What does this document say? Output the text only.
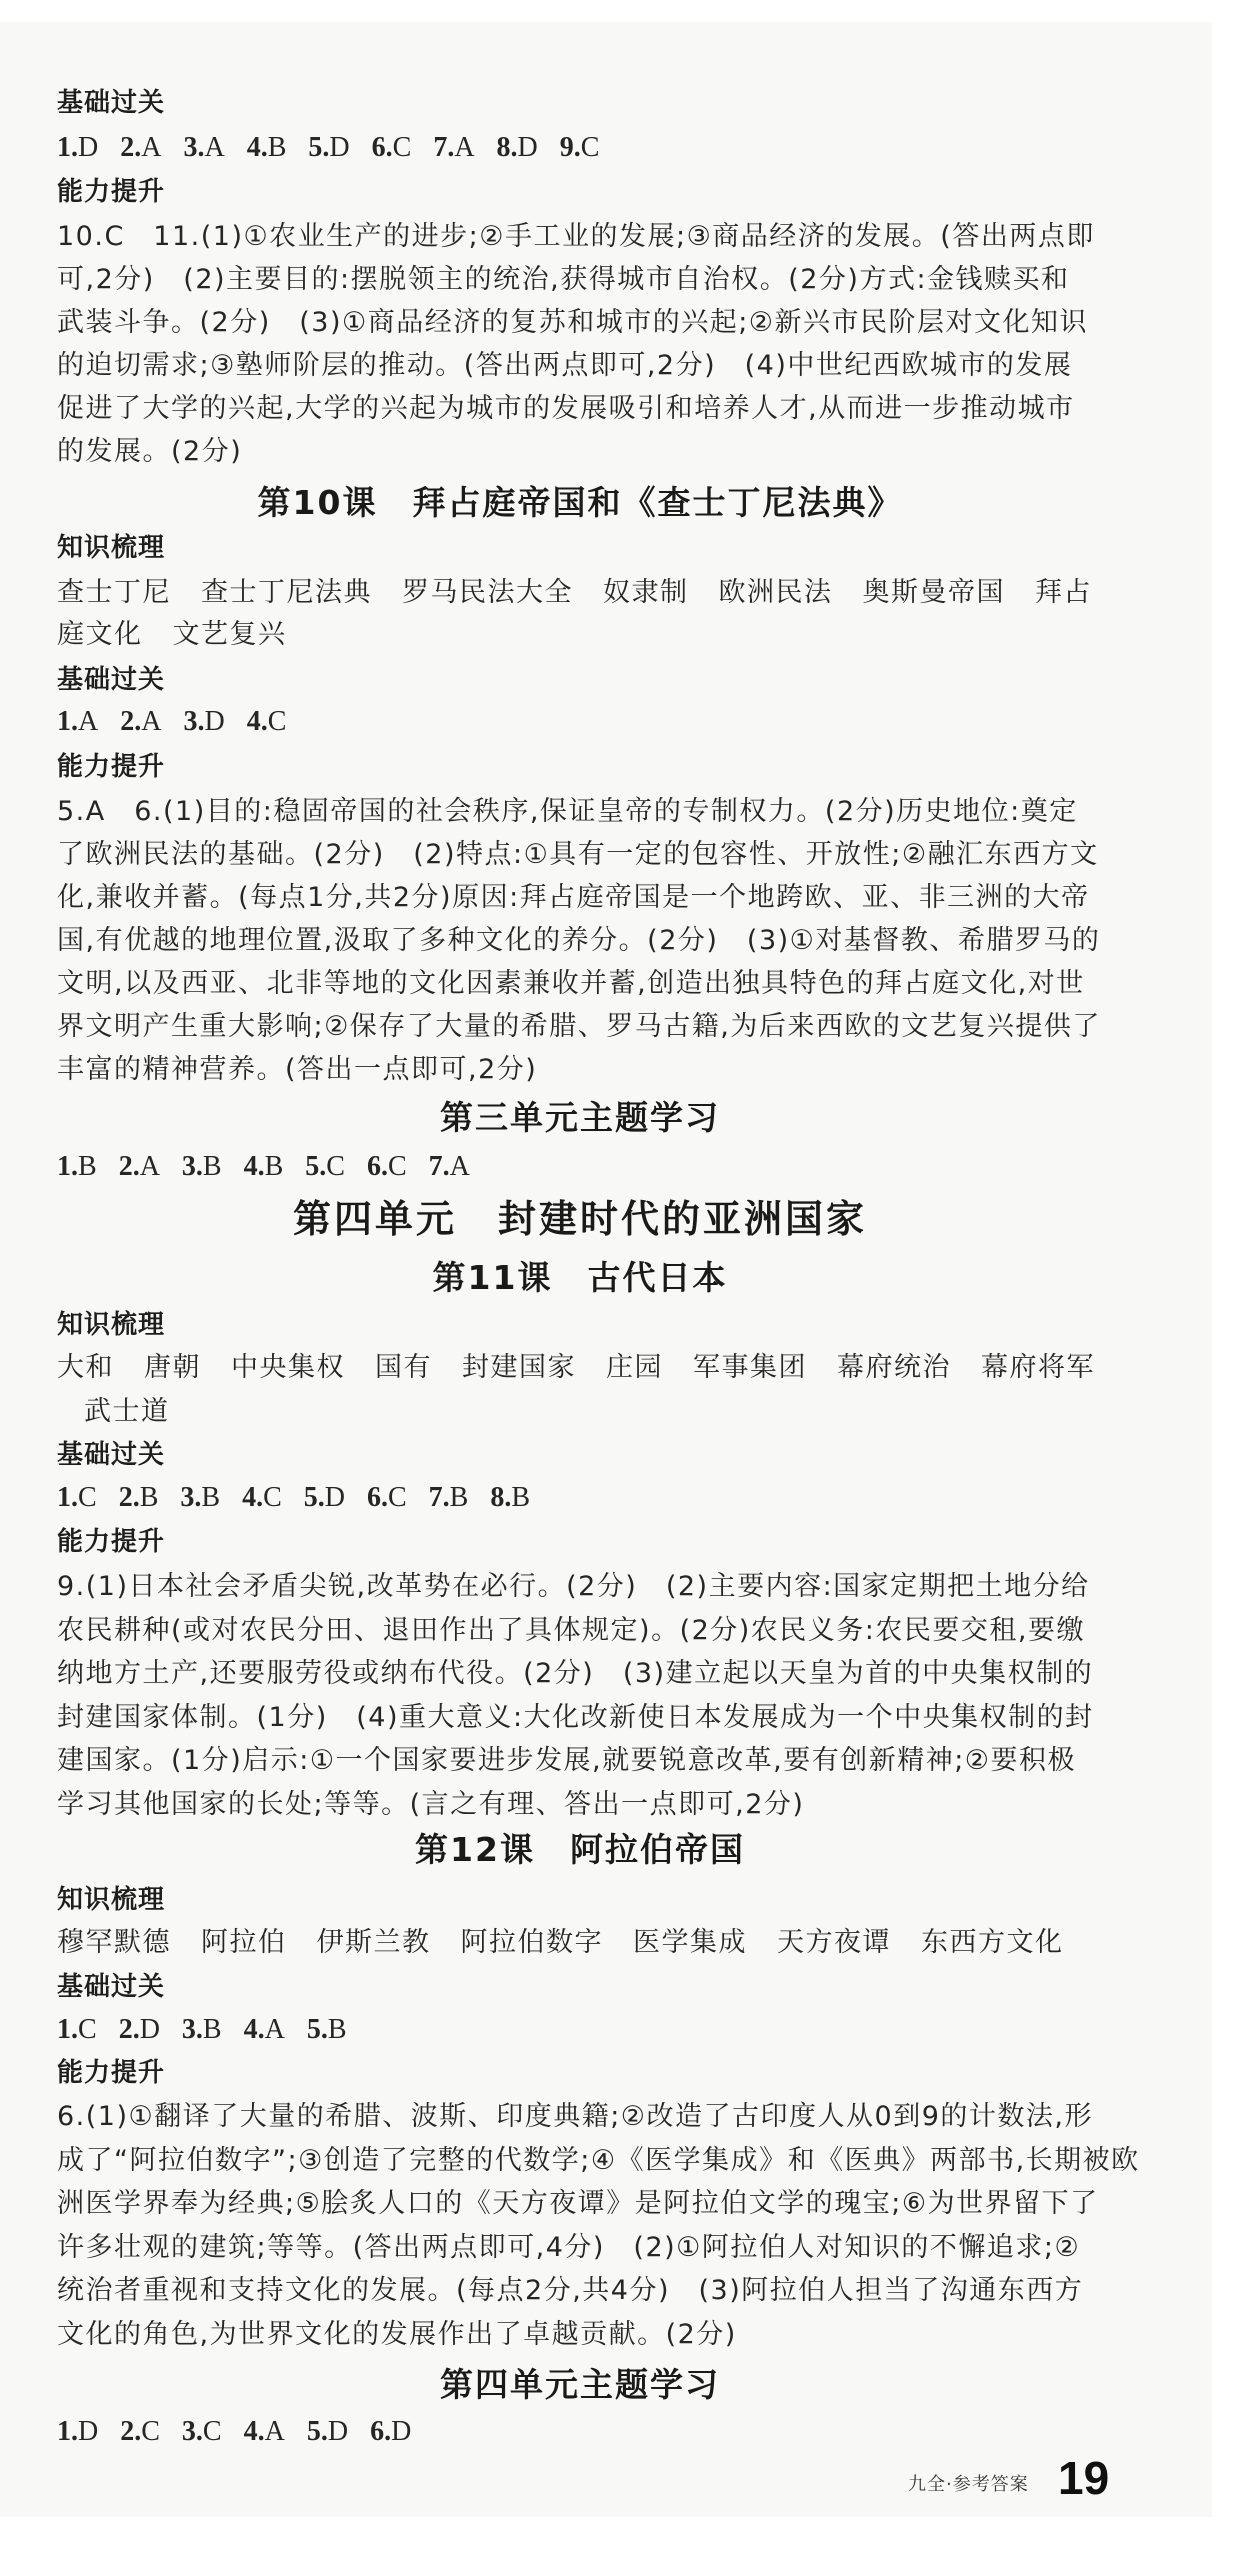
基础过关
1.D 2.A 3.A 4.B 5.D 6.C 7.A 8.D 9.C
能力提升
第10课　拜占庭帝国和《查士丁尼法典》
知识梳理
查士丁尼 查士丁尼法典 罗马民法大全 奴隶制 欧洲民法 奥斯曼帝国 拜占
庭文化 文艺复兴
基础过关
1.A 2.A 3.D 4.C
能力提升
第三单元主题学习
1.B 2.A 3.B 4.B 5.C 6.C 7.A
第四单元　封建时代的亚洲国家
第11课　古代日本
知识梳理
大和 唐朝 中央集权 国有 封建国家 庄园 军事集团 幕府统治 幕府将军
武士道
基础过关
1.C 2.B 3.B 4.C 5.D 6.C 7.B 8.B
能力提升
第12课　阿拉伯帝国
知识梳理
穆罕默德 阿拉伯 伊斯兰教 阿拉伯数字 医学集成 天方夜谭 东西方文化
基础过关
1.C 2.D 3.B 4.A 5.B
能力提升
第四单元主题学习
1.D 2.C 3.C 4.A 5.D 6.D
九全·参考答案 19
10.C　11.(1)①农业生产的进步;②手工业的发展;③商品经济的发展。(答出两点即
可,2分)　(2)主要目的:摆脱领主的统治,获得城市自治权。(2分)方式:金钱赎买和
武装斗争。(2分)　(3)①商品经济的复苏和城市的兴起;②新兴市民阶层对文化知识
的迫切需求;③塾师阶层的推动。(答出两点即可,2分)　(4)中世纪西欧城市的发展
促进了大学的兴起,大学的兴起为城市的发展吸引和培养人才,从而进一步推动城市
的发展。(2分)
5.A　6.(1)目的:稳固帝国的社会秩序,保证皇帝的专制权力。(2分)历史地位:奠定
了欧洲民法的基础。(2分)　(2)特点:①具有一定的包容性、开放性;②融汇东西方文
化,兼收并蓄。(每点1分,共2分)原因:拜占庭帝国是一个地跨欧、亚、非三洲的大帝
国,有优越的地理位置,汲取了多种文化的养分。(2分)　(3)①对基督教、希腊罗马的
文明,以及西亚、北非等地的文化因素兼收并蓄,创造出独具特色的拜占庭文化,对世
界文明产生重大影响;②保存了大量的希腊、罗马古籍,为后来西欧的文艺复兴提供了
丰富的精神营养。(答出一点即可,2分)
9.(1)日本社会矛盾尖锐,改革势在必行。(2分)　(2)主要内容:国家定期把土地分给
农民耕种(或对农民分田、退田作出了具体规定)。(2分)农民义务:农民要交租,要缴
纳地方土产,还要服劳役或纳布代役。(2分)　(3)建立起以天皇为首的中央集权制的
封建国家体制。(1分)　(4)重大意义:大化改新使日本发展成为一个中央集权制的封
建国家。(1分)启示:①一个国家要进步发展,就要锐意改革,要有创新精神;②要积极
学习其他国家的长处;等等。(言之有理、答出一点即可,2分)
6.(1)①翻译了大量的希腊、波斯、印度典籍;②改造了古印度人从0到9的计数法,形
成了“阿拉伯数字”;③创造了完整的代数学;④《医学集成》和《医典》两部书,长期被欧
洲医学界奉为经典;⑤脍炙人口的《天方夜谭》是阿拉伯文学的瑰宝;⑥为世界留下了
许多壮观的建筑;等等。(答出两点即可,4分)　(2)①阿拉伯人对知识的不懈追求;②
统治者重视和支持文化的发展。(每点2分,共4分)　(3)阿拉伯人担当了沟通东西方
文化的角色,为世界文化的发展作出了卓越贡献。(2分)
